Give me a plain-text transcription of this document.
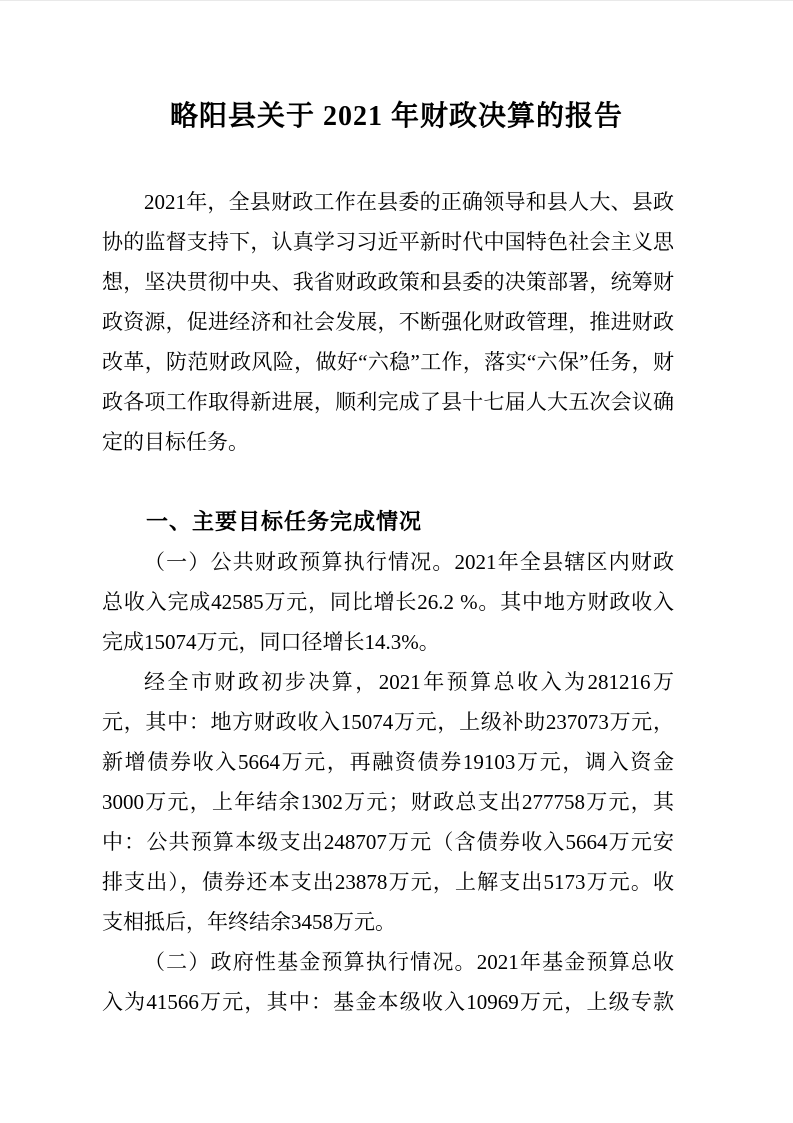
略阳县关于 2021 年财政决算的报告
2021年，全县财政工作在县委的正确领导和县人大、县政
协的监督支持下，认真学习习近平新时代中国特色社会主义思
想，坚决贯彻中央、我省财政政策和县委的决策部署，统筹财
政资源，促进经济和社会发展，不断强化财政管理，推进财政
改革，防范财政风险，做好“六稳”工作，落实“六保”任务，财
政各项工作取得新进展，顺利完成了县十七届人大五次会议确
定的目标任务。
一、主要目标任务完成情况
（一）公共财政预算执行情况。2021年全县辖区内财政
总收入完成42585万元，同比增长26.2 %。其中地方财政收入
完成15074万元，同口径增长14.3%。
经全市财政初步决算，2021年预算总收入为281216万
元，其中：地方财政收入15074万元，上级补助237073万元，
新增债券收入5664万元，再融资债券19103万元，调入资金
3000万元，上年结余1302万元；财政总支出277758万元，其
中：公共预算本级支出248707万元（含债券收入5664万元安
排支出），债券还本支出23878万元，上解支出5173万元。收
支相抵后，年终结余3458万元。
（二）政府性基金预算执行情况。2021年基金预算总收
入为41566万元，其中：基金本级收入10969万元，上级专款
